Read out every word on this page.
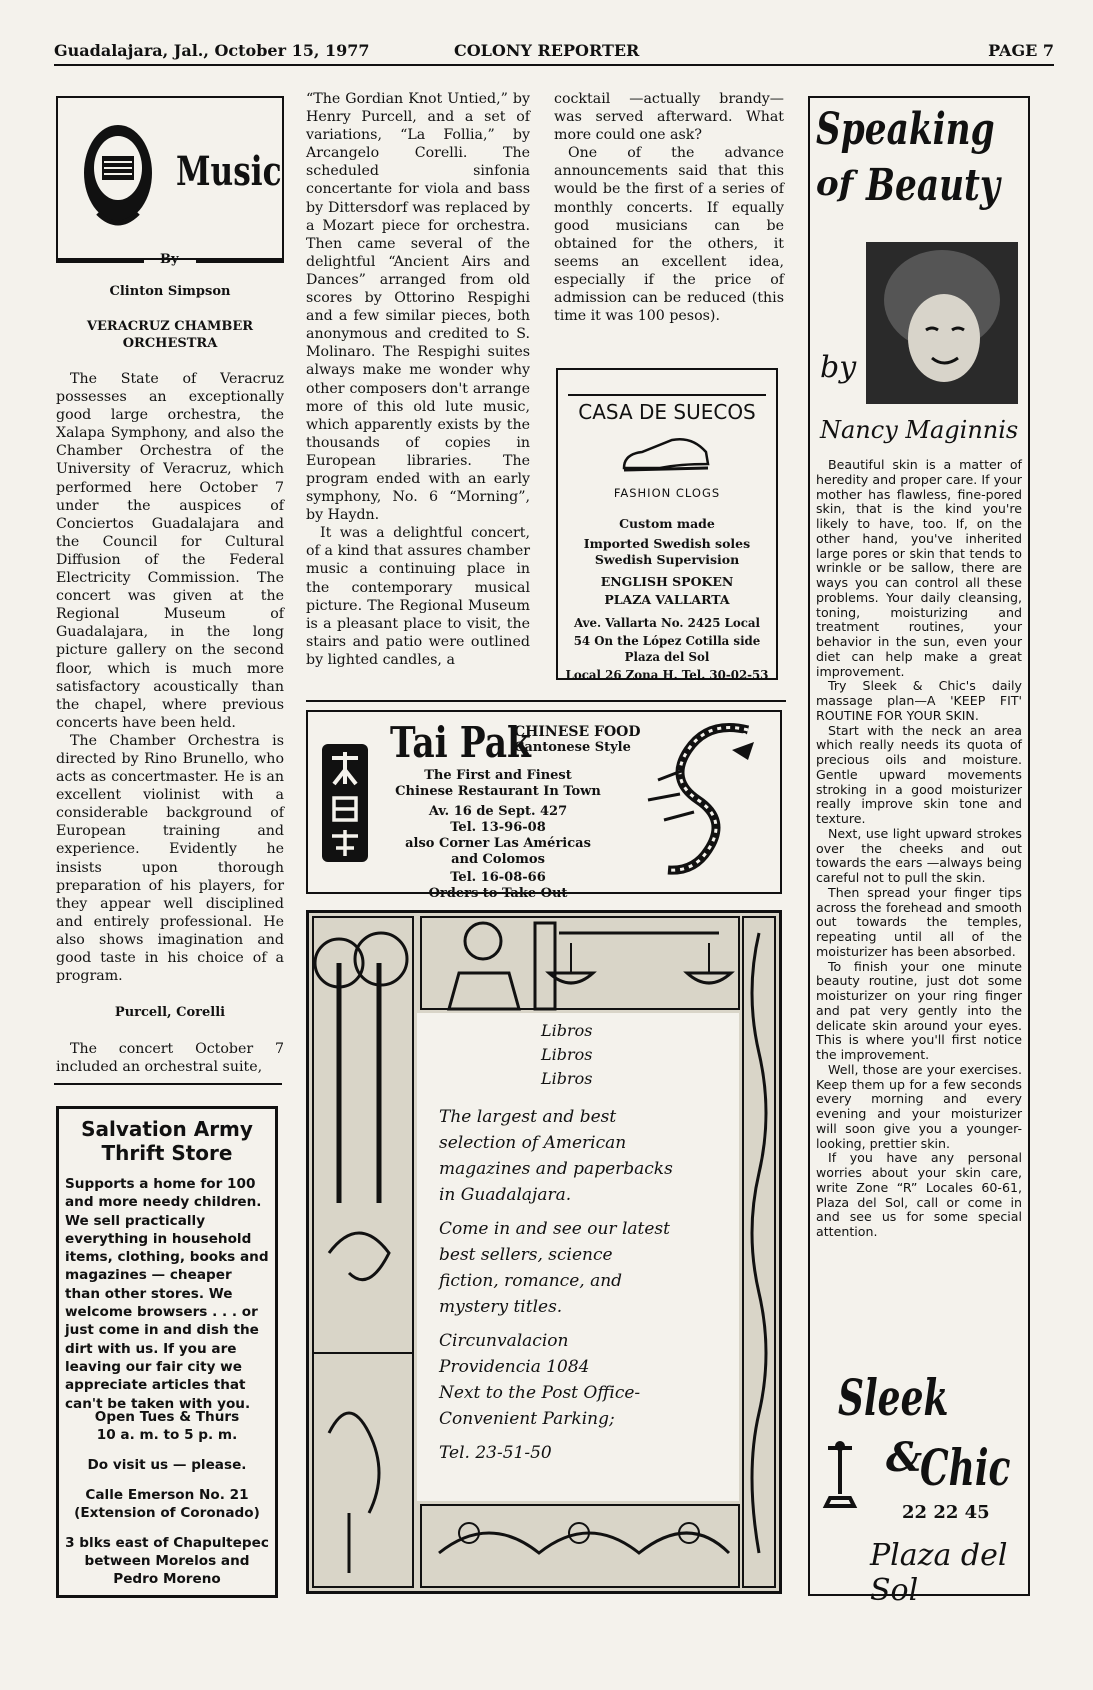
Guadalajara, Jal., October 15, 1977	COLONY REPORTER	PAGE 7
Music
By
Clinton Simpson
VERACRUZ CHAMBER ORCHESTRA

The State of Veracruz possesses an exceptionally good large orchestra, the Xalapa Symphony, and also the Chamber Orchestra of the University of Veracruz, which performed here October 7 under the auspices of Conciertos Guadalajara and the Council for Cultural Diffusion of the Federal Electricity Commission. The concert was given at the Regional Museum of Guadalajara, in the long picture gallery on the second floor, which is much more satisfactory acoustically than the chapel, where previous concerts have been held.

The Chamber Orchestra is directed by Rino Brunello, who acts as concertmaster. He is an excellent violinist with a considerable background of European training and experience. Evidently he insists upon thorough preparation of his players, for they appear well disciplined and entirely professional. He also shows imagination and good taste in his choice of a program.

Purcell, Corelli

The concert October 7 included an orchestral suite,

Salvation Army
Thrift Store
Supports a home for 100 and more needy children. We sell practically everything in household items, clothing, books and magazines — cheaper than other stores. We welcome browsers . . . or just come in and dish the dirt with us. If you are leaving our fair city we appreciate articles that can't be taken with you.
Open Tues & Thurs
10 a. m. to 5 p. m.
Do visit us — please.
Calle Emerson No. 21
(Extension of Coronado)
3 blks east of Chapultepec
between Morelos and
Pedro Moreno

“The Gordian Knot Untied,” by Henry Purcell, and a set of variations, “La Follia,” by Arcangelo Corelli. The scheduled sinfonia concertante for viola and bass by Dittersdorf was replaced by a Mozart piece for orchestra. Then came several of the delightful “Ancient Airs and Dances” arranged from old scores by Ottorino Respighi and a few similar pieces, both anonymous and credited to S. Molinaro. The Respighi suites always make me wonder why other composers don't arrange more of this old lute music, which apparently exists by the thousands of copies in European libraries. The program ended with an early symphony, No. 6 “Morning”, by Haydn.

It was a delightful concert, of a kind that assures chamber music a continuing place in the contemporary musical picture. The Regional Museum is a pleasant place to visit, the stairs and patio were outlined by lighted candles, a

cocktail —actually brandy— was served afterward. What more could one ask?

One of the advance announcements said that this would be the first of a series of monthly concerts. If equally good musicians can be obtained for the others, it seems an excellent idea, especially if the price of admission can be reduced (this time it was 100 pesos).

CASA DE SUECOS
FASHION CLOGS
Custom made
Imported Swedish soles
Swedish Supervision
ENGLISH SPOKEN
PLAZA VALLARTA
Ave. Vallarta No. 2425 Local
54 On the López Cotilla side
Plaza del Sol
Local 26 Zona H. Tel. 30-02-53
Tai Pak
CHINESE FOOD
Cantonese Style
The First and Finest
Chinese Restaurant In Town
Av. 16 de Sept. 427
Tel. 13-96-08
also Corner Las Américas
and Colomos
Tel. 16-08-66
Orders to Take Out
Libros
Libros
Libros
The largest and best
selection of American
magazines and paperbacks
in Guadalajara.
Come in and see our latest
best sellers, science
fiction, romance, and
mystery titles.
Circunvalacion
Providencia 1084
Next to the Post Office-
Convenient Parking;
Tel. 23-51-50
Speaking
of Beauty
by
Nancy Maginnis

Beautiful skin is a matter of heredity and proper care. If your mother has flawless, fine-pored skin, that is the kind you're likely to have, too. If, on the other hand, you've inherited large pores or skin that tends to wrinkle or be sallow, there are ways you can control all these problems. Your daily cleansing, toning, moisturizing and treatment routines, your behavior in the sun, even your diet can help make a great improvement.

Try Sleek & Chic's daily massage plan—A 'KEEP FIT' ROUTINE FOR YOUR SKIN.

Start with the neck an area which really needs its quota of precious oils and moisture. Gentle upward movements stroking in a good moisturizer really improve skin tone and texture.

Next, use light upward strokes over the cheeks and out towards the ears —always being careful not to pull the skin.

Then spread your finger tips across the forehead and smooth out towards the temples, repeating until all of the moisturizer has been absorbed.

To finish your one minute beauty routine, just dot some moisturizer on your ring finger and pat very gently into the delicate skin around your eyes. This is where you'll first notice the improvement.

Well, those are your exercises. Keep them up for a few seconds every morning and every evening and your moisturizer will soon give you a younger-looking, prettier skin.

If you have any personal worries about your skin care, write Zone “R” Locales 60-61, Plaza del Sol, call or come in and see us for some special attention.

Sleek
&
Chic
22 22 45
Plaza del Sol
